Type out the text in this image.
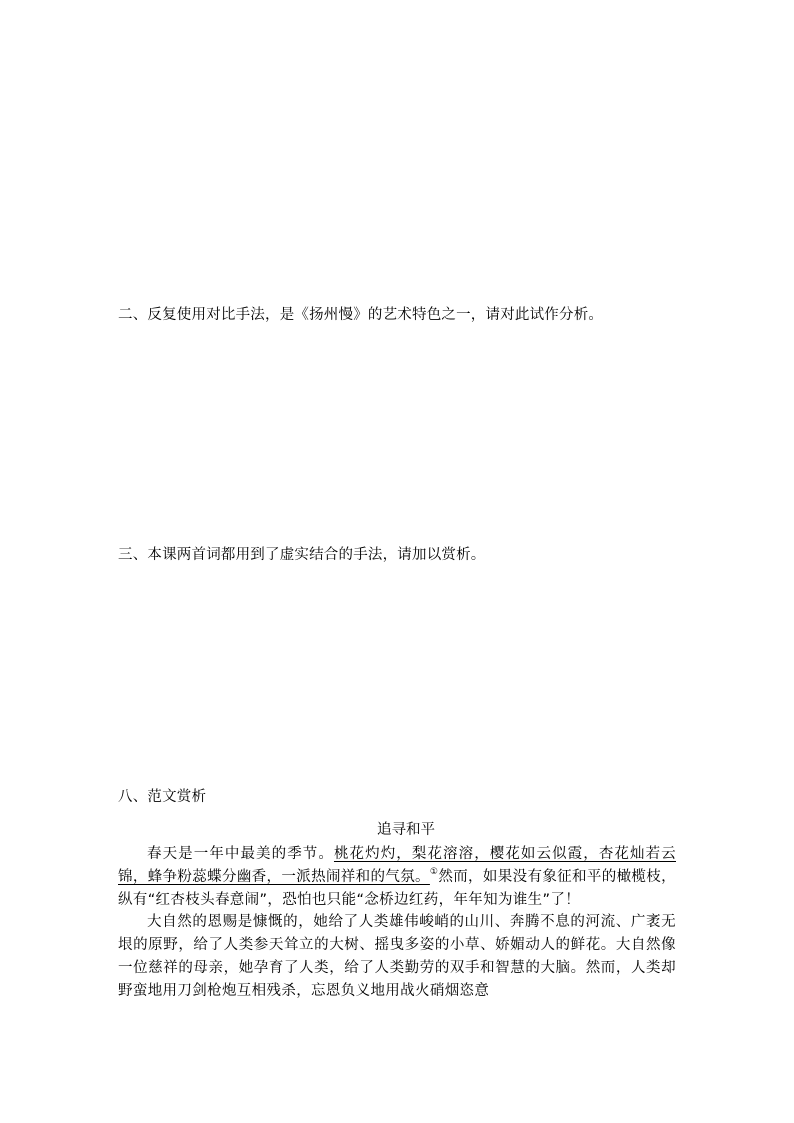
二、反复使用对比手法，是《扬州慢》的艺术特色之一，请对此试作分析。
三、本课两首词都用到了虚实结合的手法，请加以赏析。
八、范文赏析
追寻和平

春天是一年中最美的季节。桃花灼灼，梨花溶溶，樱花如云似霞，杏花灿若云锦，蜂争粉蕊蝶分幽香，一派热闹祥和的气氛。①然而，如果没有象征和平的橄榄枝，纵有“红杏枝头春意闹”，恐怕也只能“念桥边红药，年年知为谁生”了！

大自然的恩赐是慷慨的，她给了人类雄伟峻峭的山川、奔腾不息的河流、广袤无垠的原野，给了人类参天耸立的大树、摇曳多姿的小草、娇媚动人的鲜花。大自然像一位慈祥的母亲，她孕育了人类，给了人类勤劳的双手和智慧的大脑。然而，人类却野蛮地用刀剑枪炮互相残杀，忘恩负义地用战火硝烟恣意
